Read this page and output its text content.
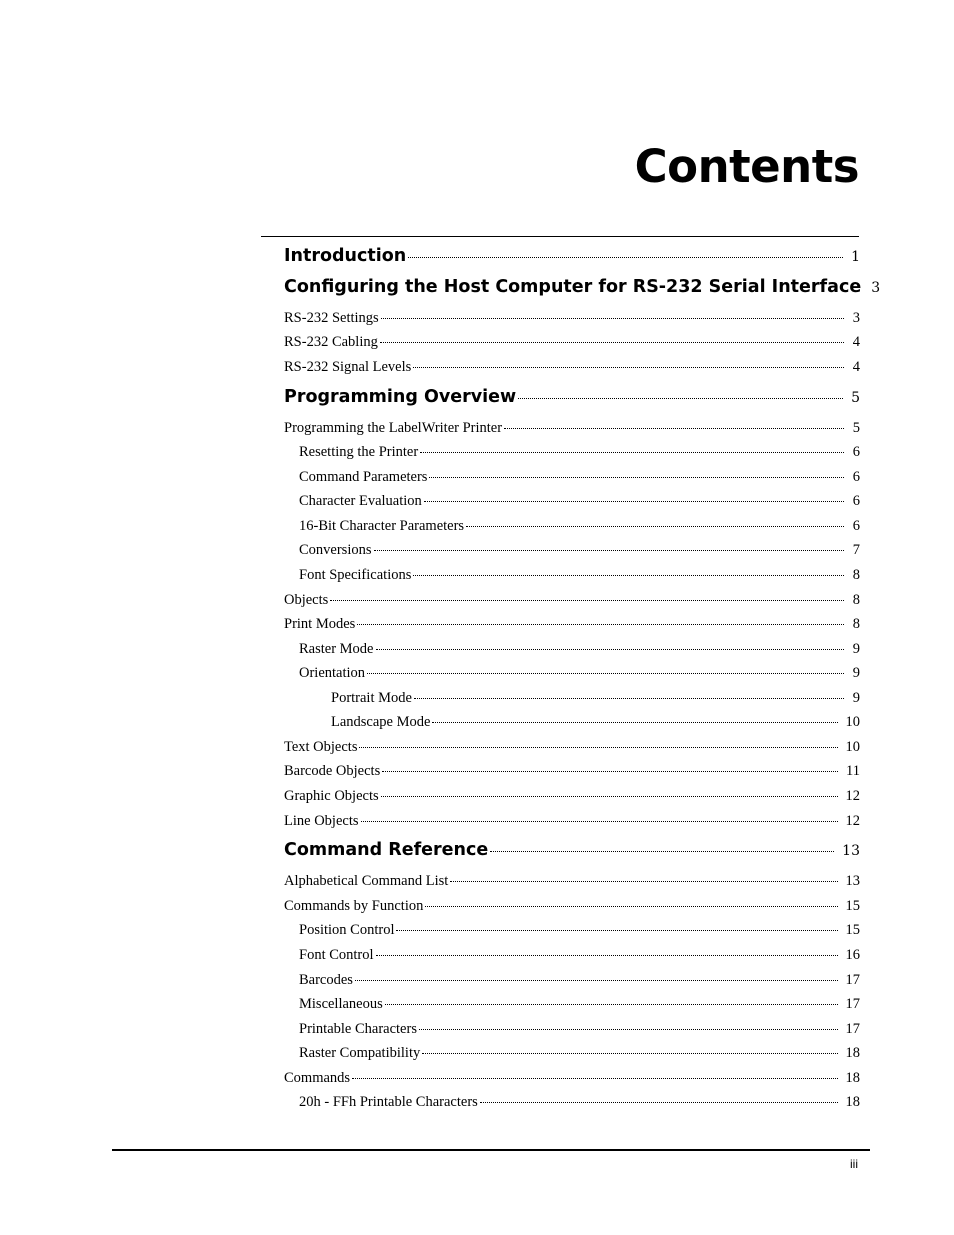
Contents
Introduction	1
Configuring the Host Computer for RS-232 Serial Interface 3
RS-232 Settings	3
RS-232 Cabling	4
RS-232 Signal Levels	4
Programming Overview	5
Programming the LabelWriter Printer	5
Resetting the Printer	6
Command Parameters	6
Character Evaluation	6
16-Bit Character Parameters	6
Conversions	7
Font Specifications	8
Objects	8
Print Modes	8
Raster Mode	9
Orientation	9
Portrait Mode	9
Landscape Mode	10
Text Objects	10
Barcode Objects	11
Graphic Objects	12
Line Objects	12
Command Reference	13
Alphabetical Command List	13
Commands by Function	15
Position Control	15
Font Control	16
Barcodes	17
Miscellaneous	17
Printable Characters	17
Raster Compatibility	18
Commands	18
20h - FFh Printable Characters	18
iii
